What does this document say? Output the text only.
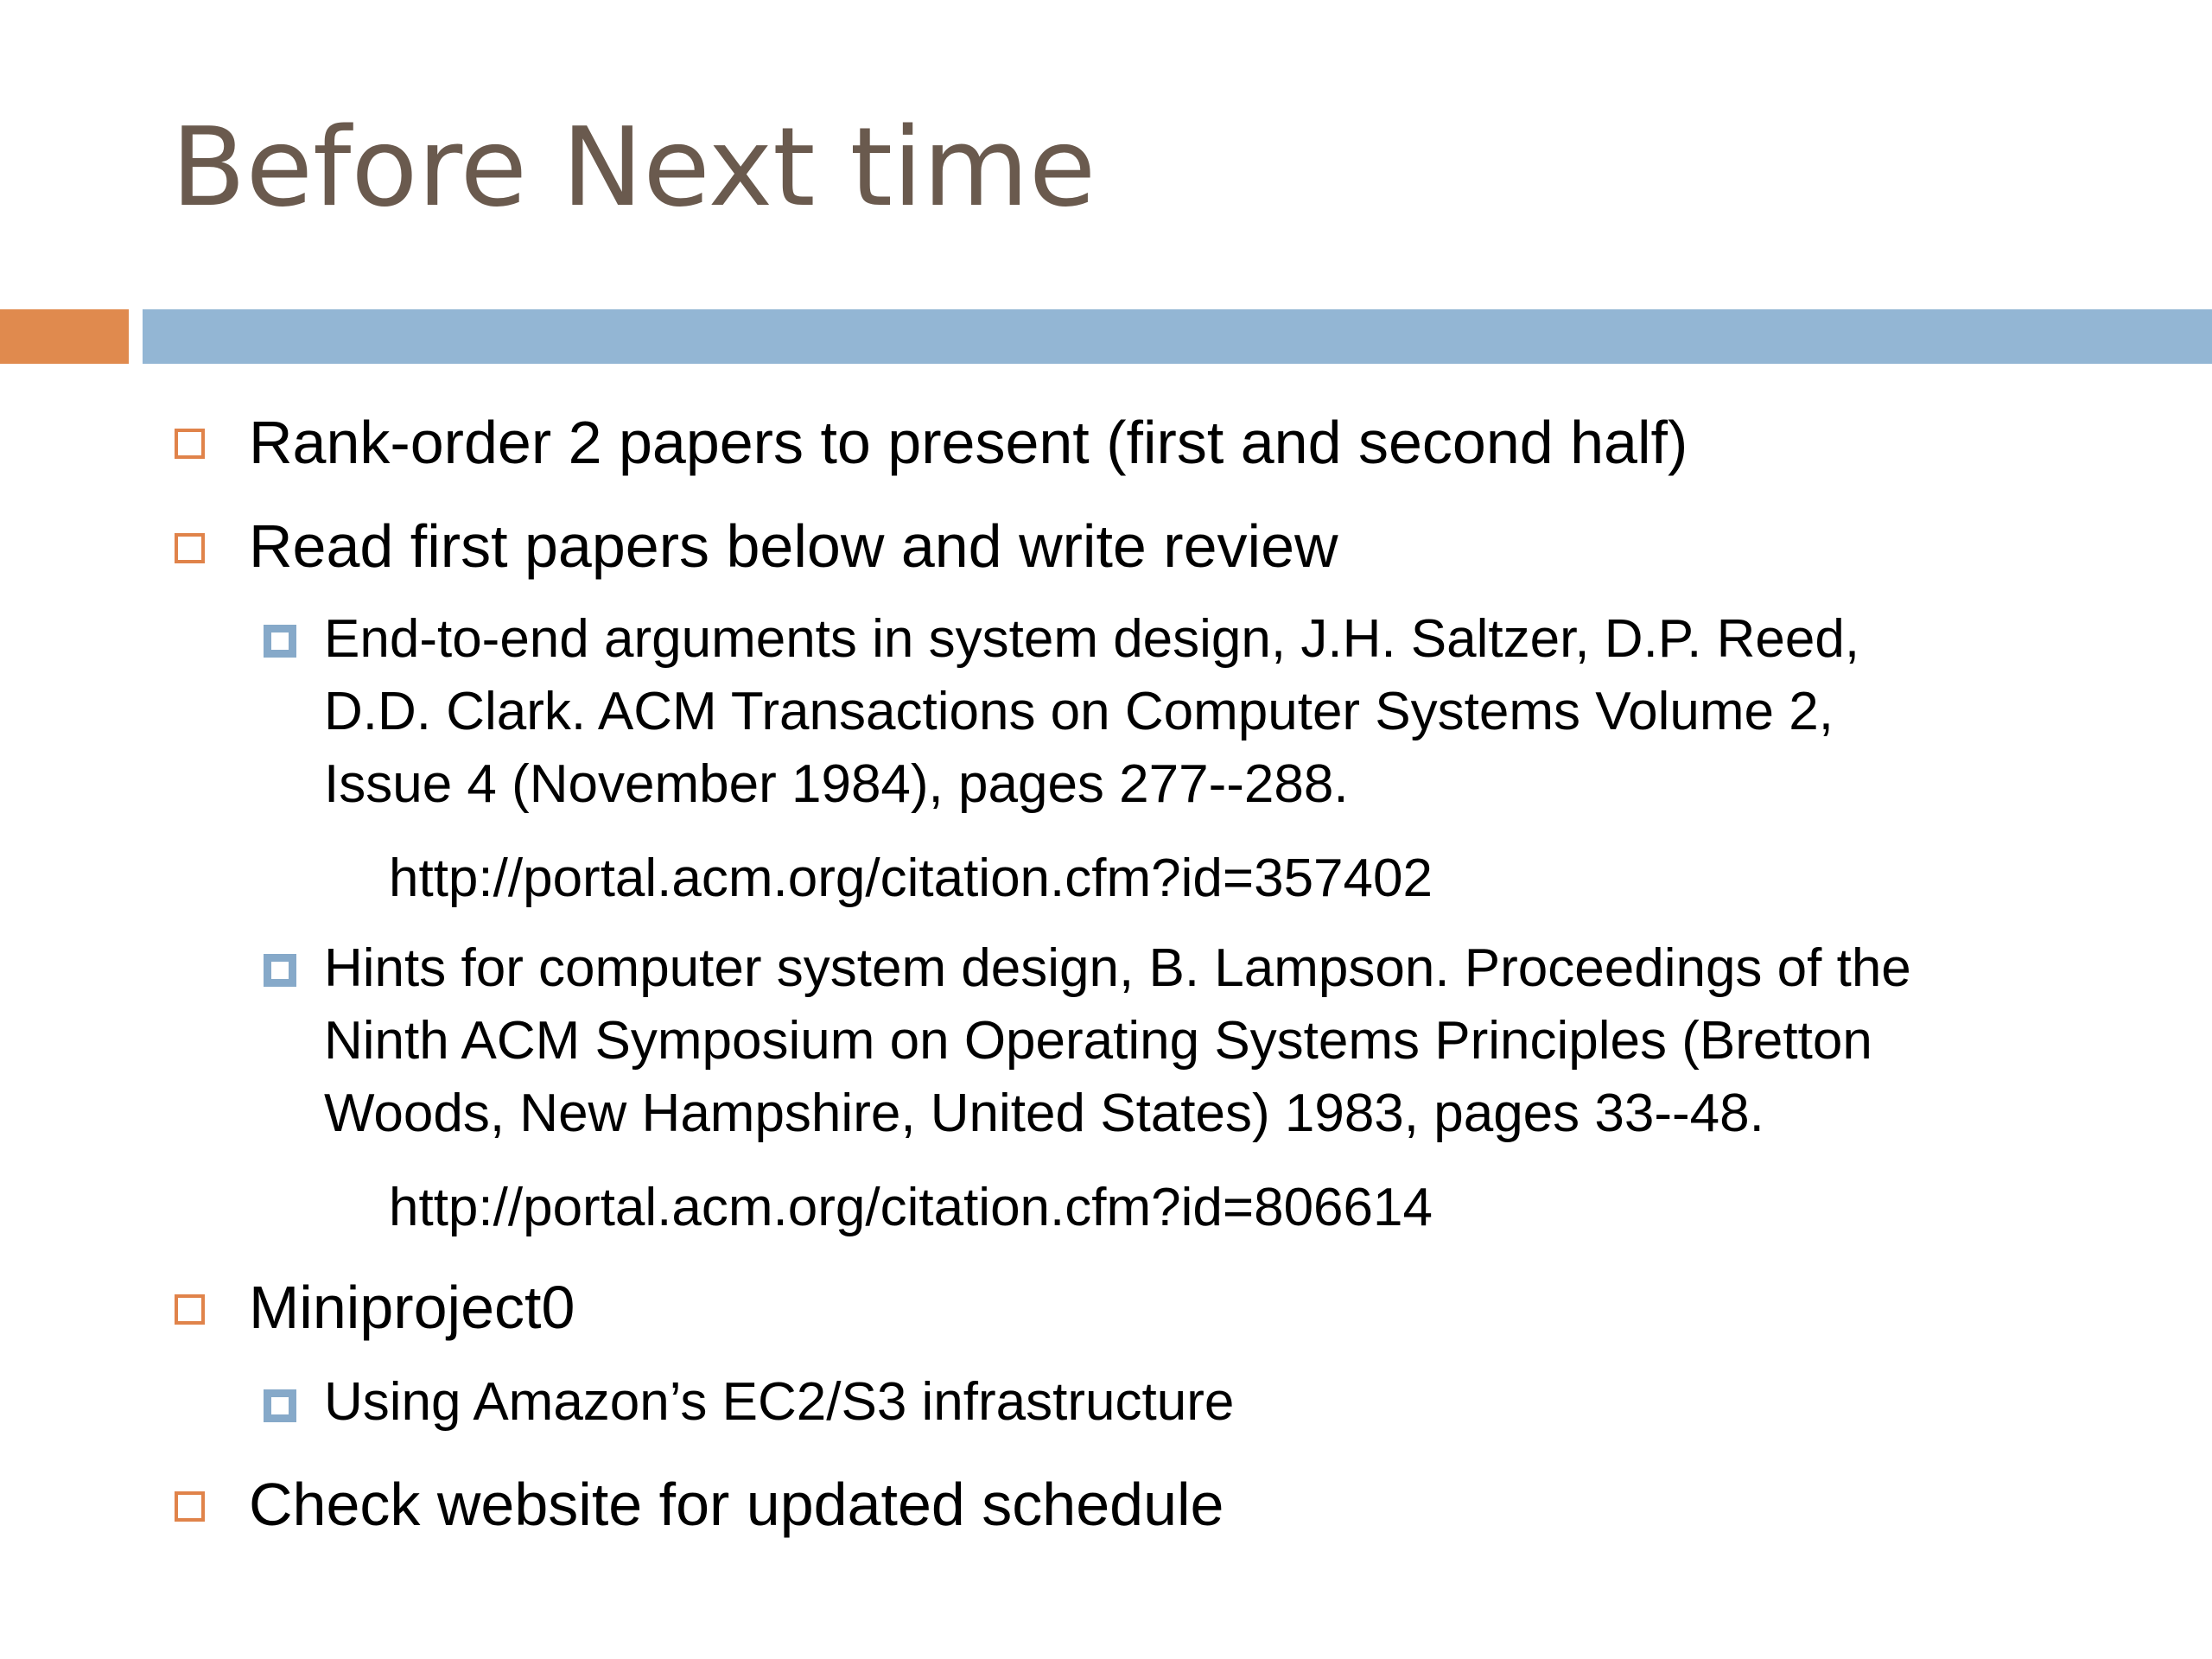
Before Next time
Rank-order 2 papers to present (first and second half)
Read first papers below and write review
End-to-end arguments in system design, J.H. Saltzer, D.P. Reed,
D.D. Clark. ACM Transactions on Computer Systems Volume 2,
Issue 4 (November 1984), pages 277--288.
http://portal.acm.org/citation.cfm?id=357402
Hints for computer system design, B. Lampson. Proceedings of the
Ninth ACM Symposium on Operating Systems Principles (Bretton
Woods, New Hampshire, United States) 1983, pages 33--48.
http://portal.acm.org/citation.cfm?id=806614
Miniproject0
Using Amazon’s EC2/S3 infrastructure
Check website for updated schedule
